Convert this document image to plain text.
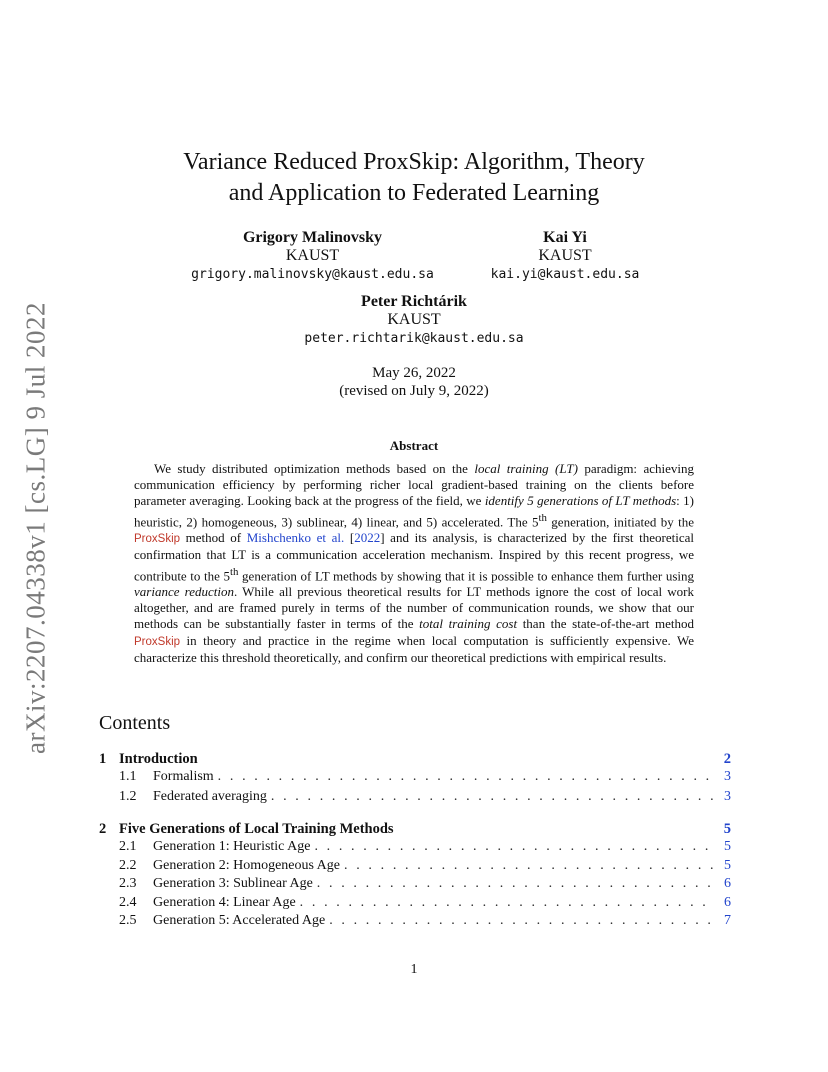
arXiv:2207.04338v1 [cs.LG] 9 Jul 2022
Variance Reduced ProxSkip: Algorithm, Theory
and Application to Federated Learning
Grigory Malinovsky
KAUST
grigory.malinovsky@kaust.edu.sa
Kai Yi
KAUST
kai.yi@kaust.edu.sa
Peter Richtárik
KAUST
peter.richtarik@kaust.edu.sa
May 26, 2022
(revised on July 9, 2022)
Abstract

We study distributed optimization methods based on the local training (LT) paradigm: achieving communication efficiency by performing richer local gradient-based training on the clients before parameter averaging. Looking back at the progress of the field, we identify 5 generations of LT methods: 1) heuristic, 2) homogeneous, 3) sublinear, 4) linear, and 5) accelerated. The 5th generation, initiated by the ProxSkip method of Mishchenko et al. [2022] and its analysis, is characterized by the first theoretical confirmation that LT is a communication acceleration mechanism. Inspired by this recent progress, we contribute to the 5th generation of LT methods by showing that it is possible to enhance them further using variance reduction. While all previous theoretical results for LT methods ignore the cost of local work altogether, and are framed purely in terms of the number of communication rounds, we show that our methods can be substantially faster in terms of the total training cost than the state-of-the-art method ProxSkip in theory and practice in the regime when local computation is sufficiently expensive. We characterize this threshold theoretically, and confirm our theoretical predictions with empirical results.

Contents
1 Introduction	2
1.1	Formalism . . .	3
1.2	Federated averaging . . .	3
2 Five Generations of Local Training Methods	5
2.1	Generation 1: Heuristic Age . . .	5
2.2	Generation 2: Homogeneous Age . . .	5
2.3	Generation 3: Sublinear Age . . .	6
2.4	Generation 4: Linear Age . . .	6
2.5	Generation 5: Accelerated Age . . .	7
1
